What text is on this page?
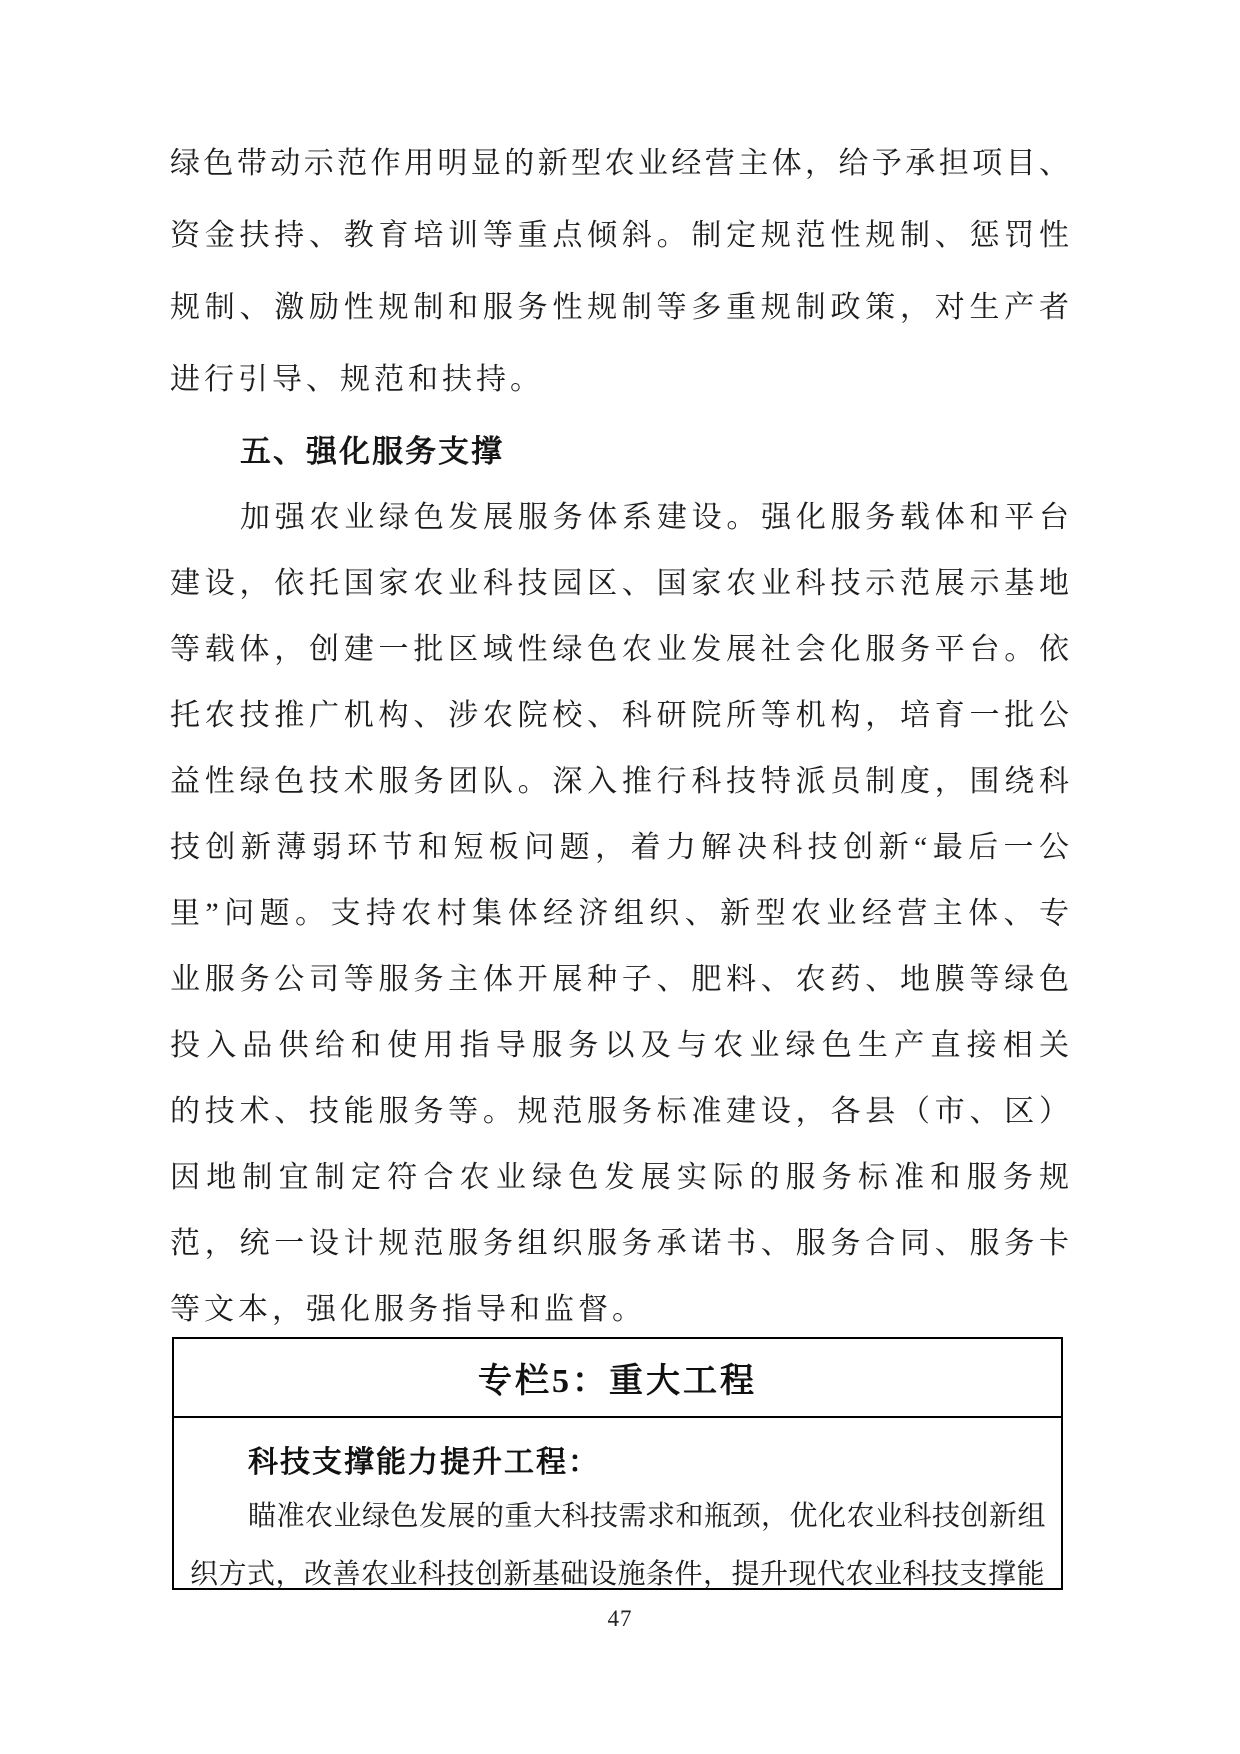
绿色带动示范作用明显的新型农业经营主体，给予承担项目、
资金扶持、教育培训等重点倾斜。制定规范性规制、惩罚性
规制、激励性规制和服务性规制等多重规制政策，对生产者
进行引导、规范和扶持。
五、强化服务支撑
加强农业绿色发展服务体系建设。强化服务载体和平台
建设，依托国家农业科技园区、国家农业科技示范展示基地
等载体，创建一批区域性绿色农业发展社会化服务平台。依
托农技推广机构、涉农院校、科研院所等机构，培育一批公
益性绿色技术服务团队。深入推行科技特派员制度，围绕科
技创新薄弱环节和短板问题，着力解决科技创新“最后一公
里”问题。支持农村集体经济组织、新型农业经营主体、专
业服务公司等服务主体开展种子、肥料、农药、地膜等绿色
投入品供给和使用指导服务以及与农业绿色生产直接相关
的技术、技能服务等。规范服务标准建设，各县（市、区）
因地制宜制定符合农业绿色发展实际的服务标准和服务规
范，统一设计规范服务组织服务承诺书、服务合同、服务卡
等文本，强化服务指导和监督。
专栏5：重大工程
科技支撑能力提升工程：
瞄准农业绿色发展的重大科技需求和瓶颈，优化农业科技创新组
织方式，改善农业科技创新基础设施条件，提升现代农业科技支撑能
47
